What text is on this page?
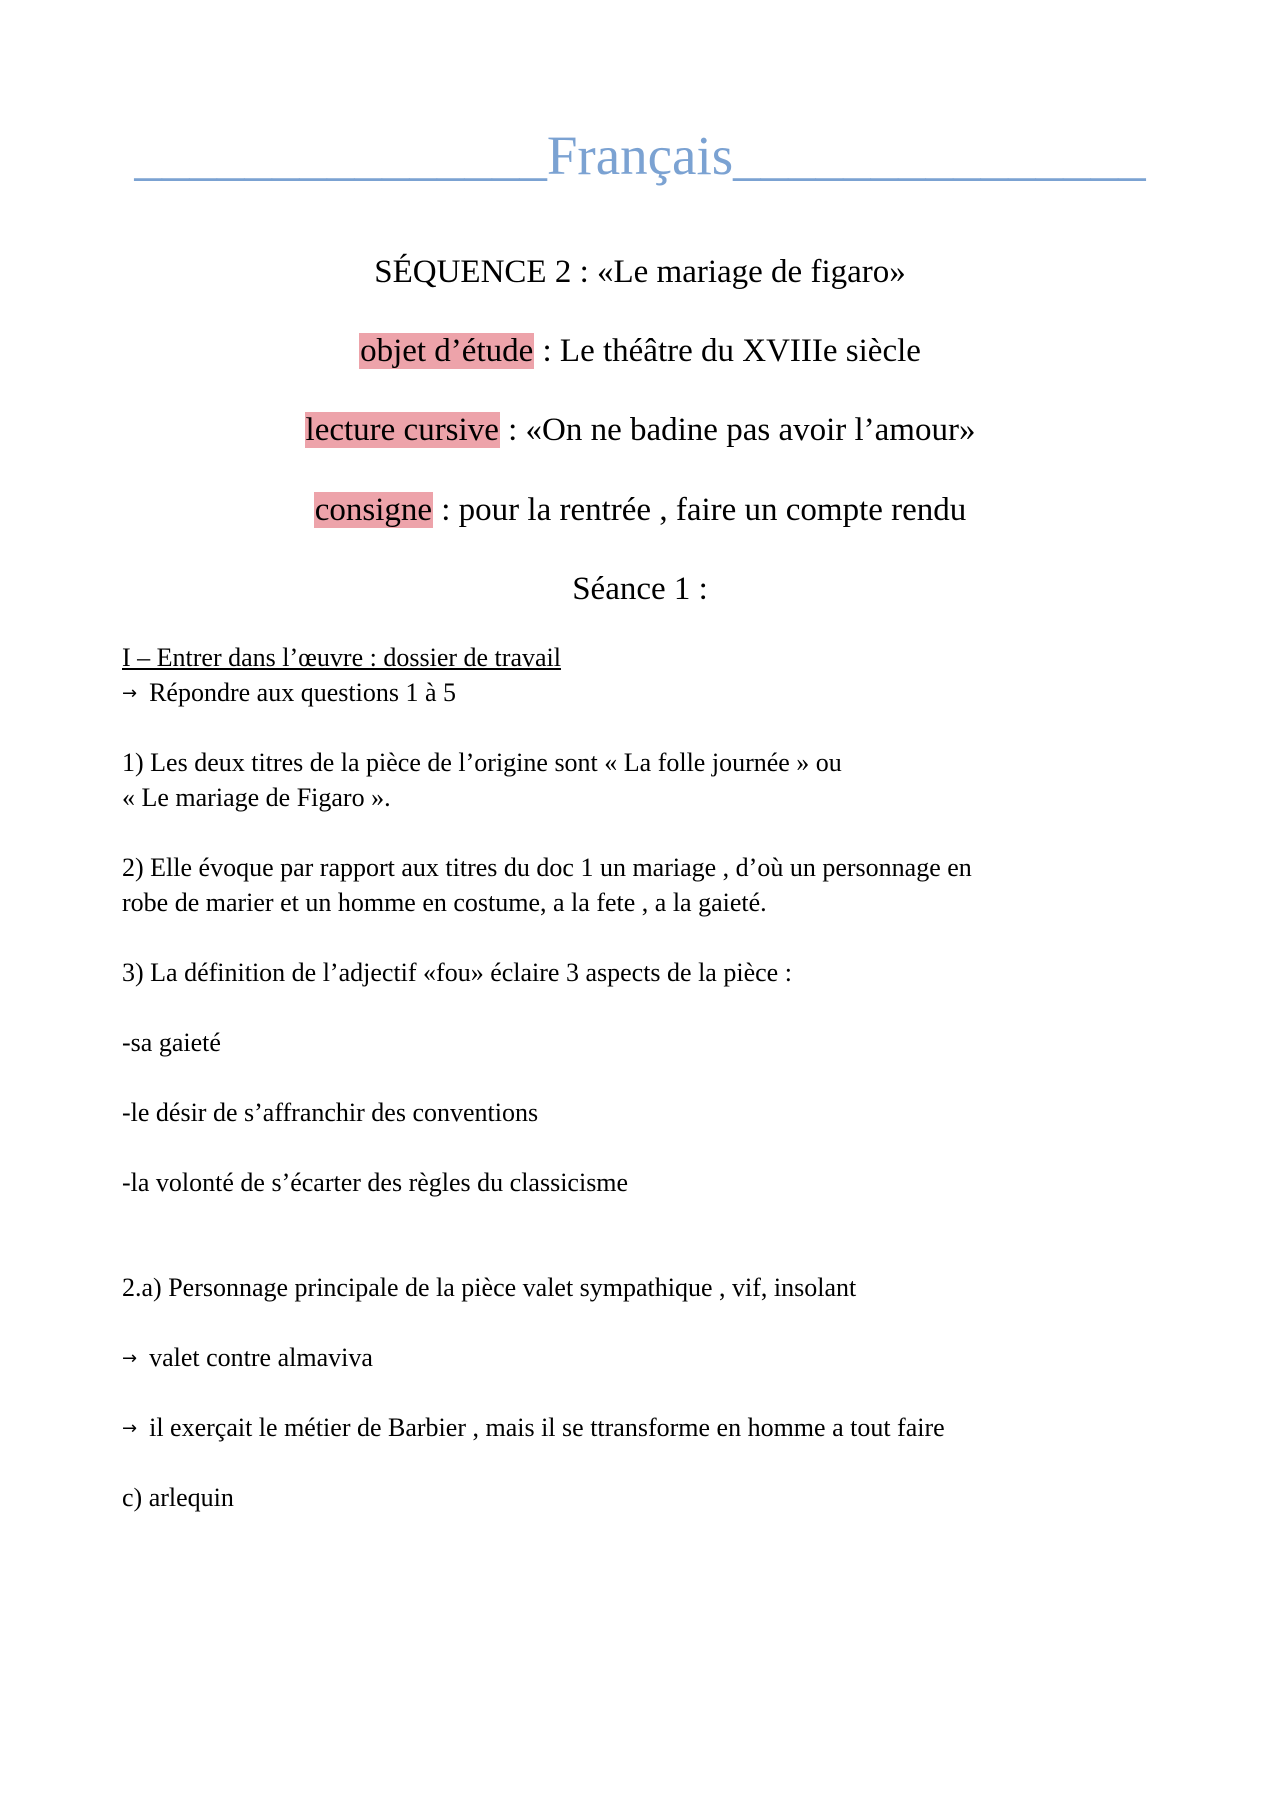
_______________Français_______________
SÉQUENCE 2 : «Le mariage de figaro»
objet d’étude : Le théâtre du XVIIIe siècle
lecture cursive : «On ne badine pas avoir l’amour»
consigne : pour la rentrée , faire un compte rendu
Séance 1 :
I – Entrer dans l’œuvre : dossier de travail
→ Répondre aux questions 1 à 5
1) Les deux titres de la pièce de l’origine sont « La folle journée » ou
« Le mariage de Figaro ».
2) Elle évoque par rapport aux titres du doc 1 un mariage , d’où un personnage en
robe de marier et un homme en costume, a la fete , a la gaieté.
3) La définition de l’adjectif «fou» éclaire 3 aspects de la pièce :
-sa gaieté
-le désir de s’affranchir des conventions
-la volonté de s’écarter des règles du classicisme
2.a) Personnage principale de la pièce valet sympathique , vif, insolant
→ valet contre almaviva
→ il exerçait le métier de Barbier , mais il se ttransforme en homme a tout faire
c) arlequin
